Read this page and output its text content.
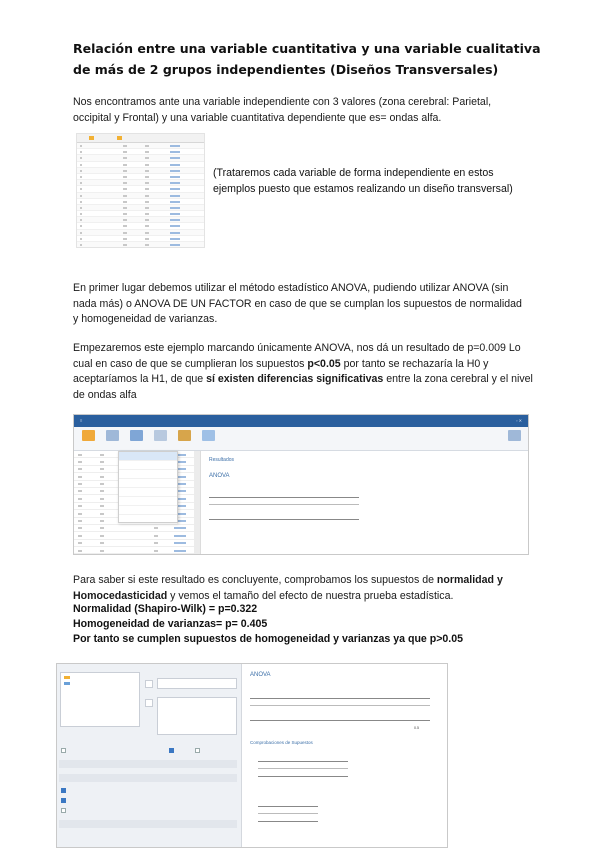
Relación entre una variable cuantitativa y una variable cualitativa de más de 2 grupos independientes (Diseños Transversales)

Nos encontramos ante una variable independiente con 3 valores (zona cerebral: Parietal, occipital y Frontal) y una variable cuantitativa dependiente que es= ondas alfa.

(Trataremos cada variable de forma independiente en estos ejemplos puesto que estamos realizando un diseño transversal)

En primer lugar debemos utilizar el método estadístico ANOVA, pudiendo utilizar ANOVA (sin nada más) o ANOVA DE UN FACTOR en caso de que se cumplan los supuestos de normalidad y homogeneidad de varianzas.

Empezaremos este ejemplo marcando únicamente ANOVA, nos dá un resultado de p=0.009 Lo cual en caso de que se cumplieran los supuestos p<0.05 por tanto se rechazaría la H0 y aceptaríamos la H1, de que sí existen diferencias significativas entre la zona cerebral y el nivel de ondas alfa

≡	▫ ✕

Resultados
ANOVA

Para saber si este resultado es concluyente, comprobamos los supuestos de normalidad y Homocedasticidad y vemos el tamaño del efecto de nuestra prueba estadística.

Normalidad (Shapiro-Wilk) = p=0.322
Homogeneidad de varianzas= p= 0.405
Por tanto se cumplen supuestos de homogeneidad y varianzas ya que p>0.05
ANOVA
0.5
Comprobaciones de Supuestos
